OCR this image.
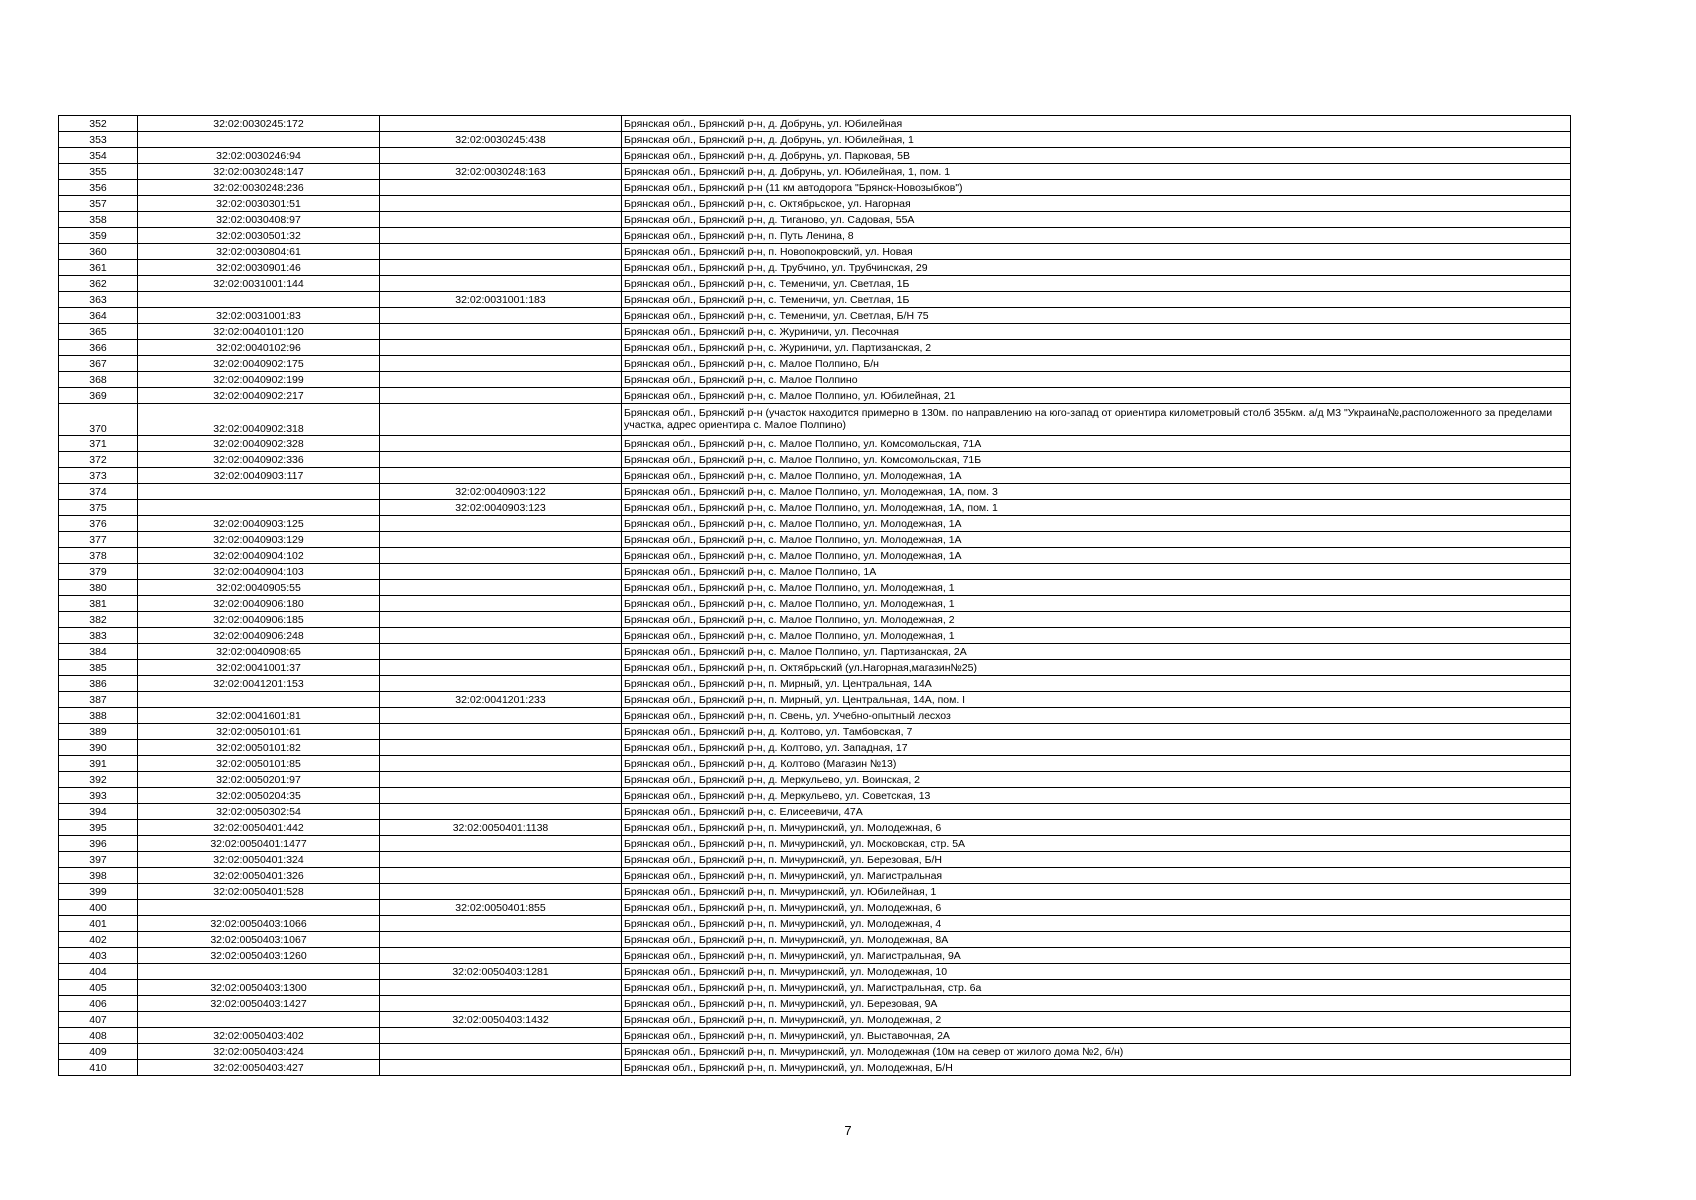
352	32:02:0030245:172		Брянская обл., Брянский р-н, д. Добрунь, ул. Юбилейная
353		32:02:0030245:438	Брянская обл., Брянский р-н, д. Добрунь, ул. Юбилейная, 1
354	32:02:0030246:94		Брянская обл., Брянский р-н, д. Добрунь, ул. Парковая, 5В
355	32:02:0030248:147	32:02:0030248:163	Брянская обл., Брянский р-н, д. Добрунь, ул. Юбилейная, 1, пом. 1
356	32:02:0030248:236		Брянская обл., Брянский р-н (11 км автодорога "Брянск-Новозыбков")
357	32:02:0030301:51		Брянская обл., Брянский р-н, с. Октябрьское, ул. Нагорная
358	32:02:0030408:97		Брянская обл., Брянский р-н, д. Тиганово, ул. Садовая, 55А
359	32:02:0030501:32		Брянская обл., Брянский р-н, п. Путь Ленина, 8
360	32:02:0030804:61		Брянская обл., Брянский р-н, п. Новопокровский, ул. Новая
361	32:02:0030901:46		Брянская обл., Брянский р-н, д. Трубчино, ул. Трубчинская, 29
362	32:02:0031001:144		Брянская обл., Брянский р-н, с. Теменичи, ул. Светлая, 1Б
363		32:02:0031001:183	Брянская обл., Брянский р-н, с. Теменичи, ул. Светлая, 1Б
364	32:02:0031001:83		Брянская обл., Брянский р-н, с. Теменичи, ул. Светлая, Б/Н 75
365	32:02:0040101:120		Брянская обл., Брянский р-н, с. Журиничи, ул. Песочная
366	32:02:0040102:96		Брянская обл., Брянский р-н, с. Журиничи, ул. Партизанская, 2
367	32:02:0040902:175		Брянская обл., Брянский р-н, с. Малое Полпино, Б/н
368	32:02:0040902:199		Брянская обл., Брянский р-н, с. Малое Полпино
369	32:02:0040902:217		Брянская обл., Брянский р-н, с. Малое Полпино, ул. Юбилейная, 21
370	32:02:0040902:318		Брянская обл., Брянский р-н (участок находится примерно в 130м. по направлению на юго-запад от ориентира километровый столб 355км. а/д М3 "Украина№,расположенного за пределами участка, адрес ориентира с. Малое Полпино)
371	32:02:0040902:328		Брянская обл., Брянский р-н, с. Малое Полпино, ул. Комсомольская, 71А
372	32:02:0040902:336		Брянская обл., Брянский р-н, с. Малое Полпино, ул. Комсомольская, 71Б
373	32:02:0040903:117		Брянская обл., Брянский р-н, с. Малое Полпино, ул. Молодежная, 1А
374		32:02:0040903:122	Брянская обл., Брянский р-н, с. Малое Полпино, ул. Молодежная, 1А, пом. 3
375		32:02:0040903:123	Брянская обл., Брянский р-н, с. Малое Полпино, ул. Молодежная, 1А, пом. 1
376	32:02:0040903:125		Брянская обл., Брянский р-н, с. Малое Полпино, ул. Молодежная, 1А
377	32:02:0040903:129		Брянская обл., Брянский р-н, с. Малое Полпино, ул. Молодежная, 1А
378	32:02:0040904:102		Брянская обл., Брянский р-н, с. Малое Полпино, ул. Молодежная, 1А
379	32:02:0040904:103		Брянская обл., Брянский р-н, с. Малое Полпино, 1А
380	32:02:0040905:55		Брянская обл., Брянский р-н, с. Малое Полпино, ул. Молодежная, 1
381	32:02:0040906:180		Брянская обл., Брянский р-н, с. Малое Полпино, ул. Молодежная, 1
382	32:02:0040906:185		Брянская обл., Брянский р-н, с. Малое Полпино, ул. Молодежная, 2
383	32:02:0040906:248		Брянская обл., Брянский р-н, с. Малое Полпино, ул. Молодежная, 1
384	32:02:0040908:65		Брянская обл., Брянский р-н, с. Малое Полпино, ул. Партизанская, 2А
385	32:02:0041001:37		Брянская обл., Брянский р-н, п. Октябрьский (ул.Нагорная,магазин№25)
386	32:02:0041201:153		Брянская обл., Брянский р-н, п. Мирный, ул. Центральная, 14А
387		32:02:0041201:233	Брянская обл., Брянский р-н, п. Мирный, ул. Центральная, 14А, пом. I
388	32:02:0041601:81		Брянская обл., Брянский р-н, п. Свень, ул. Учебно-опытный лесхоз
389	32:02:0050101:61		Брянская обл., Брянский р-н, д. Колтово, ул. Тамбовская, 7
390	32:02:0050101:82		Брянская обл., Брянский р-н, д. Колтово, ул. Западная, 17
391	32:02:0050101:85		Брянская обл., Брянский р-н, д. Колтово (Магазин №13)
392	32:02:0050201:97		Брянская обл., Брянский р-н, д. Меркульево, ул. Воинская, 2
393	32:02:0050204:35		Брянская обл., Брянский р-н, д. Меркульево, ул. Советская, 13
394	32:02:0050302:54		Брянская обл., Брянский р-н, с. Елисеевичи, 47А
395	32:02:0050401:442	32:02:0050401:1138	Брянская обл., Брянский р-н, п. Мичуринский, ул. Молодежная, 6
396	32:02:0050401:1477		Брянская обл., Брянский р-н, п. Мичуринский, ул. Московская, стр. 5А
397	32:02:0050401:324		Брянская обл., Брянский р-н, п. Мичуринский, ул. Березовая, Б/Н
398	32:02:0050401:326		Брянская обл., Брянский р-н, п. Мичуринский, ул. Магистральная
399	32:02:0050401:528		Брянская обл., Брянский р-н, п. Мичуринский, ул. Юбилейная, 1
400		32:02:0050401:855	Брянская обл., Брянский р-н, п. Мичуринский, ул. Молодежная, 6
401	32:02:0050403:1066		Брянская обл., Брянский р-н, п. Мичуринский, ул. Молодежная, 4
402	32:02:0050403:1067		Брянская обл., Брянский р-н, п. Мичуринский, ул. Молодежная, 8А
403	32:02:0050403:1260		Брянская обл., Брянский р-н, п. Мичуринский, ул. Магистральная, 9А
404		32:02:0050403:1281	Брянская обл., Брянский р-н, п. Мичуринский, ул. Молодежная, 10
405	32:02:0050403:1300		Брянская обл., Брянский р-н, п. Мичуринский, ул. Магистральная, стр. 6а
406	32:02:0050403:1427		Брянская обл., Брянский р-н, п. Мичуринский, ул. Березовая, 9А
407		32:02:0050403:1432	Брянская обл., Брянский р-н, п. Мичуринский, ул. Молодежная, 2
408	32:02:0050403:402		Брянская обл., Брянский р-н, п. Мичуринский, ул. Выставочная, 2А
409	32:02:0050403:424		Брянская обл., Брянский р-н, п. Мичуринский, ул. Молодежная (10м на север от жилого дома №2, б/н)
410	32:02:0050403:427		Брянская обл., Брянский р-н, п. Мичуринский, ул. Молодежная, Б/Н
7
